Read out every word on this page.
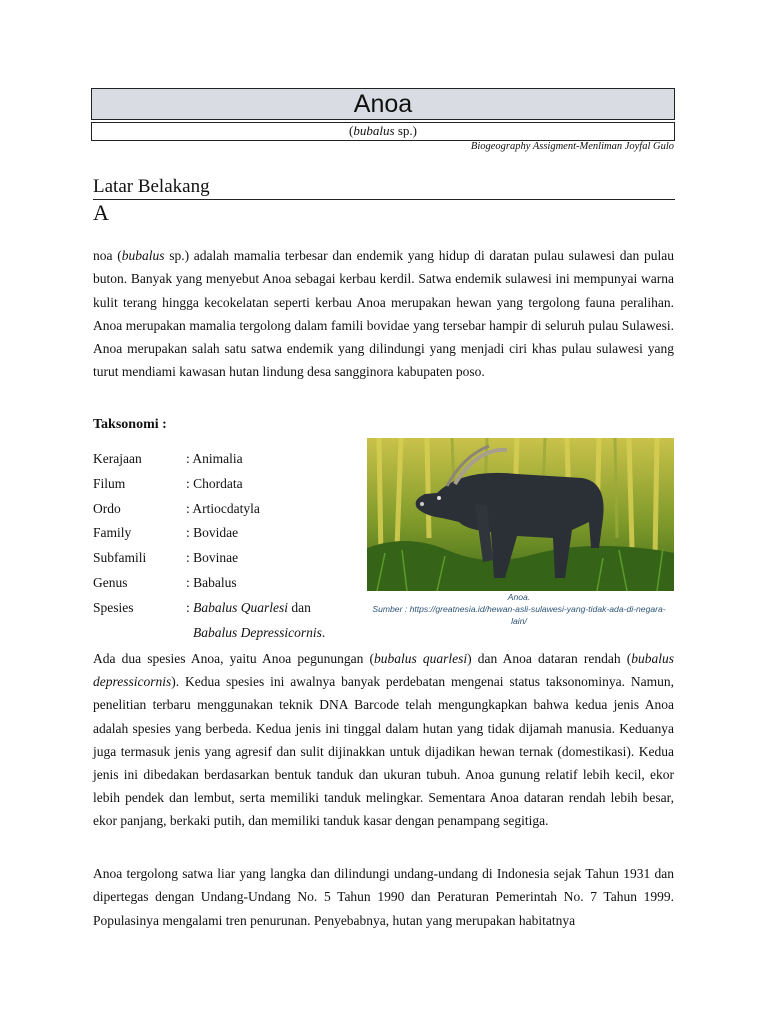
Anoa
(bubalus sp.)
Biogeography Assigment-Menliman Joyfal Gulo
Latar Belakang
A

noa (bubalus sp.) adalah mamalia terbesar dan endemik yang hidup di daratan pulau sulawesi dan pulau buton. Banyak yang menyebut Anoa sebagai kerbau kerdil. Satwa endemik sulawesi ini mempunyai warna kulit terang hingga kecokelatan seperti kerbau Anoa merupakan hewan yang tergolong fauna peralihan. Anoa merupakan mamalia tergolong dalam famili bovidae yang tersebar hampir di seluruh pulau Sulawesi. Anoa merupakan salah satu satwa endemik yang dilindungi yang menjadi ciri khas pulau sulawesi yang turut mendiami kawasan hutan lindung desa sangginora kabupaten poso.

Taksonomi :
Kerajaan	: Animalia
Filum	: Chordata
Ordo	: Artiocdatyla
Family	: Bovidae
Subfamili	: Bovinae
Genus	: Babalus
Spesies	: Babalus Quarlesi dan
Babalus Depressicornis.
Anoa.
Sumber : https://greatnesia.id/hewan-asli-sulawesi-yang-tidak-ada-di-negara-lain/

Ada dua spesies Anoa, yaitu Anoa pegunungan (bubalus quarlesi) dan Anoa dataran rendah (bubalus depressicornis). Kedua spesies ini awalnya banyak perdebatan mengenai status taksonominya. Namun, penelitian terbaru menggunakan teknik DNA Barcode telah mengungkapkan bahwa kedua jenis Anoa adalah spesies yang berbeda. Kedua jenis ini tinggal dalam hutan yang tidak dijamah manusia. Keduanya juga termasuk jenis yang agresif dan sulit dijinakkan untuk dijadikan hewan ternak (domestikasi). Kedua jenis ini dibedakan berdasarkan bentuk tanduk dan ukuran tubuh. Anoa gunung relatif lebih kecil, ekor lebih pendek dan lembut, serta memiliki tanduk melingkar. Sementara Anoa dataran rendah lebih besar, ekor panjang, berkaki putih, dan memiliki tanduk kasar dengan penampang segitiga.

Anoa tergolong satwa liar yang langka dan dilindungi undang-undang di Indonesia sejak Tahun 1931 dan dipertegas dengan Undang-Undang No. 5 Tahun 1990 dan Peraturan Pemerintah No. 7 Tahun 1999. Populasinya mengalami tren penurunan. Penyebabnya, hutan yang merupakan habitatnya
